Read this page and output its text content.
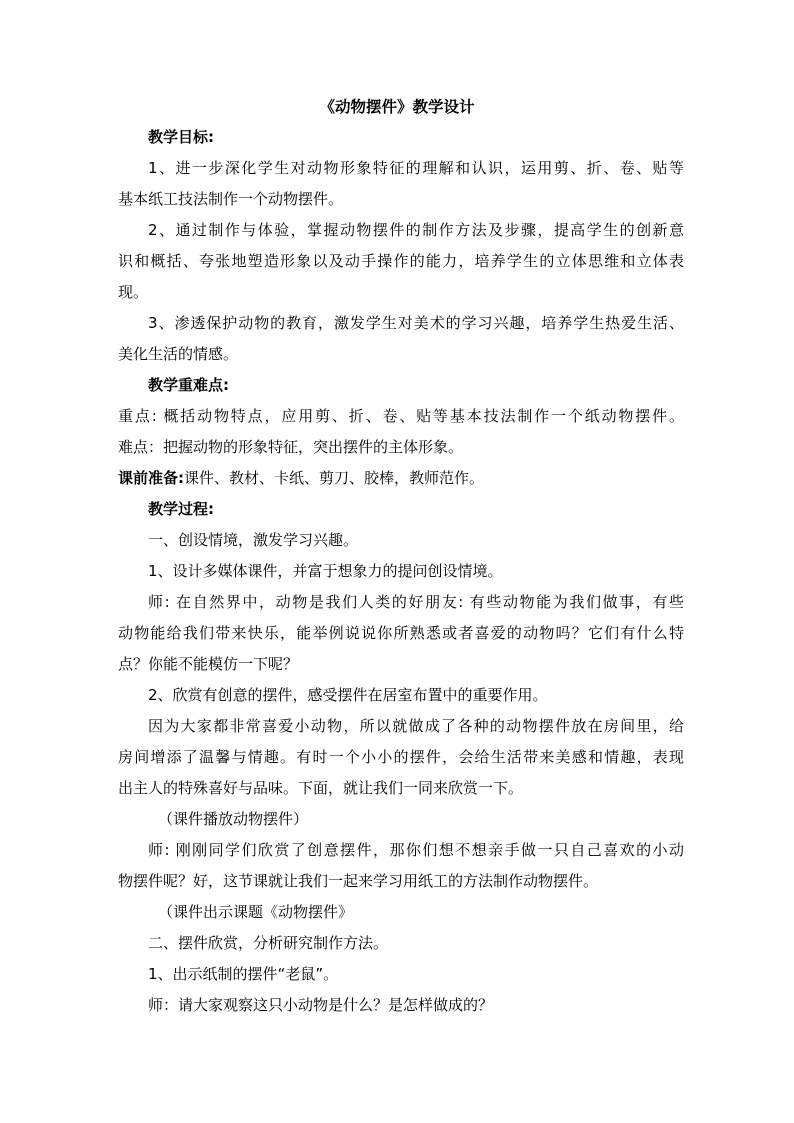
《动物摆件》教学设计
教学目标:
1、进一步深化学生对动物形象特征的理解和认识，运用剪、折、卷、贴等
基本纸工技法制作一个动物摆件。
2、通过制作与体验，掌握动物摆件的制作方法及步骤，提高学生的创新意
识和概括、夸张地塑造形象以及动手操作的能力，培养学生的立体思维和立体表
现。
3、渗透保护动物的教育，激发学生对美术的学习兴趣，培养学生热爱生活、
美化生活的情感。
教学重难点:
重点: 概括动物特点，应用剪、折、卷、贴等基本技法制作一个纸动物摆件。
难点：把握动物的形象特征，突出摆件的主体形象。
课前准备:课件、教材、卡纸、剪刀、胶棒，教师范作。
教学过程:
一、创设情境，激发学习兴趣。
1、设计多媒体课件，并富于想象力的提问创设情境。
师: 在自然界中，动物是我们人类的好朋友: 有些动物能为我们做事，有些
动物能给我们带来快乐，能举例说说你所熟悉或者喜爱的动物吗？它们有什么特
点？你能不能模仿一下呢？
2、欣赏有创意的摆件，感受摆件在居室布置中的重要作用。
因为大家都非常喜爱小动物，所以就做成了各种的动物摆件放在房间里，给
房间增添了温馨与情趣。有时一个小小的摆件，会给生活带来美感和情趣，表现
出主人的特殊喜好与品味。下面，就让我们一同来欣赏一下。
（课件播放动物摆件）
师: 刚刚同学们欣赏了创意摆件，那你们想不想亲手做一只自己喜欢的小动
物摆件呢？好，这节课就让我们一起来学习用纸工的方法制作动物摆件。
（课件出示课题《动物摆件》
二、摆件欣赏，分析研究制作方法。
1、出示纸制的摆件“老鼠”。
师：请大家观察这只小动物是什么？是怎样做成的？
